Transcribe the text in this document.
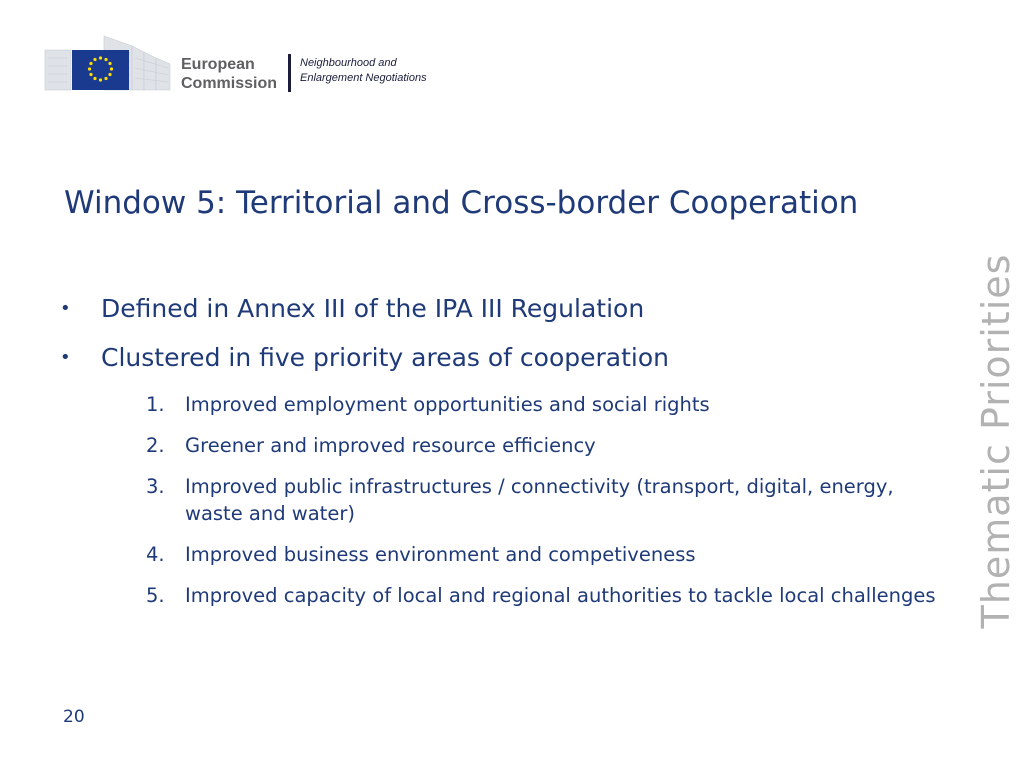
European
Commission
Neighbourhood and
Enlargement Negotiations
Window 5: Territorial and Cross-border Cooperation
Thematic Priorities
• Defined in Annex III of the IPA III Regulation
• Clustered in five priority areas of cooperation
1. Improved employment opportunities and social rights
2. Greener and improved resource efficiency
3. Improved public infrastructures / connectivity (transport, digital, energy, waste and water)
4. Improved business environment and competiveness
5. Improved capacity of local and regional authorities to tackle local challenges
20
